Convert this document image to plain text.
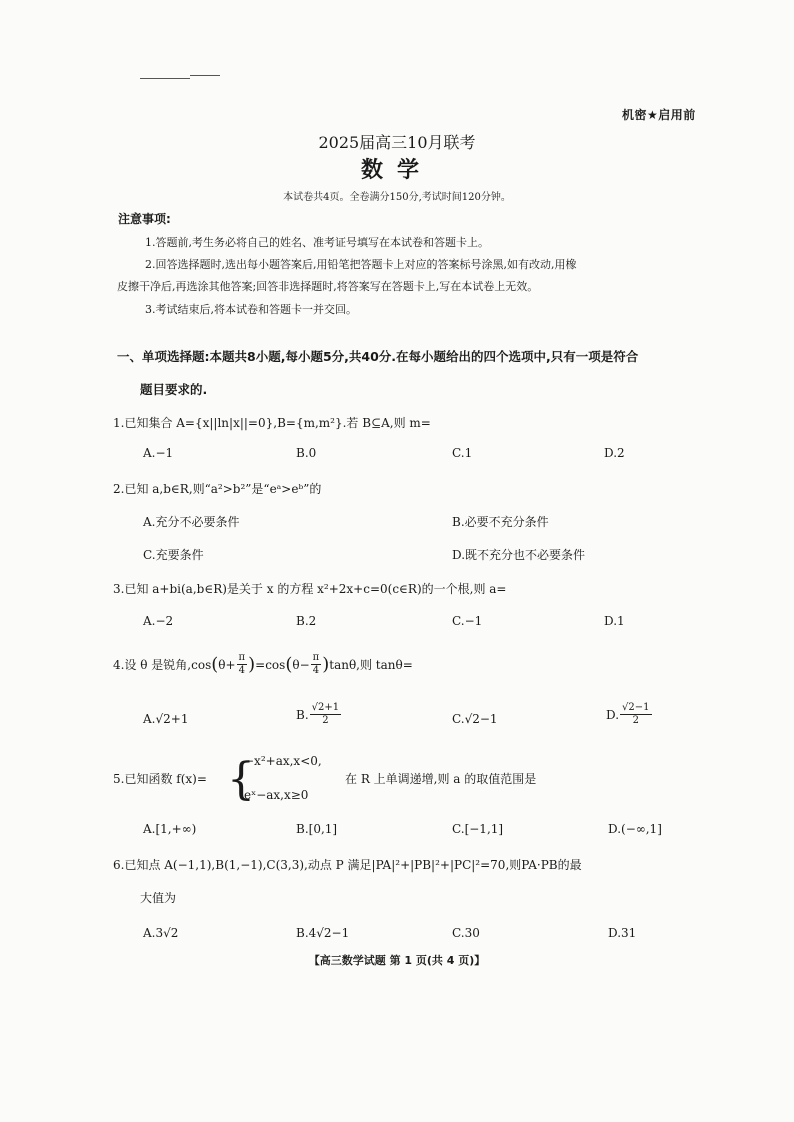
机密★启用前
2025届高三10月联考
数学
本试卷共4页。全卷满分150分,考试时间120分钟。
注意事项:
1.答题前,考生务必将自己的姓名、准考证号填写在本试卷和答题卡上。
2.回答选择题时,选出每小题答案后,用铅笔把答题卡上对应的答案标号涂黑,如有改动,用橡
皮擦干净后,再选涂其他答案;回答非选择题时,将答案写在答题卡上,写在本试卷上无效。
3.考试结束后,将本试卷和答题卡一并交回。
一、单项选择题:本题共8小题,每小题5分,共40分.在每小题给出的四个选项中,只有一项是符合
题目要求的.
1.已知集合 A={x||ln|x||=0},B={m,m²}.若 B⊆A,则 m=
A.−1	B.0	C.1	D.2
2.已知 a,b∈R,则“a²>b²”是“eᵃ>eᵇ”的
A.充分不必要条件	B.必要不充分条件
C.充要条件	D.既不充分也不必要条件
3.已知 a+bi(a,b∈R)是关于 x 的方程 x²+2x+c=0(c∈R)的一个根,则 a=
A.−2	B.2	C.−1	D.1
4.设 θ 是锐角,cos ( $\theta+ \frac{\pi}{4}$ ) =cos ( $\theta- \frac{\pi}{4}$ ) tanθ,则 tanθ=
A.√2+1	B. $\frac{√2+1}{2}$	C.√2−1	D. $\frac{√2-1}{2}$
5.已知函数 f(x)= {
−x²+ax,x<0,
eˣ−ax,x≥0
在 R 上单调递增,则 a 的取值范围是
A.[1,+∞)	B.[0,1]	C.[−1,1]	D.(−∞,1]
6.已知点 A(−1,1),B(1,−1),C(3,3),动点 P 满足|PA|²+|PB|²+|PC|²=70,则PA·PB的最
大值为
A.3√2	B.4√2−1	C.30	D.31
【高三数学试题 第 1 页(共 4 页)】
